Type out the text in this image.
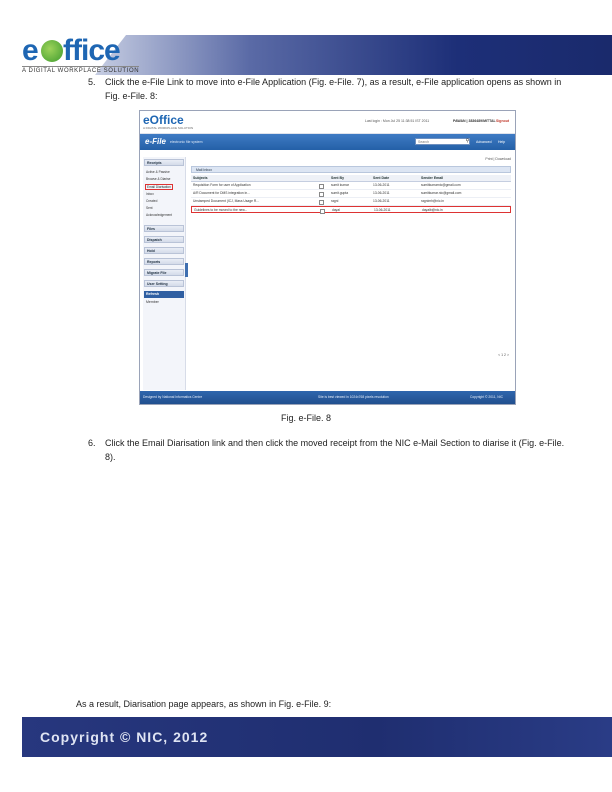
e ffice
A DIGITAL WORKPLACE SOLUTION
5. Click the e-File Link to move into e-File Application (Fig. e-File. 7), as a result, e-File application opens as shown in Fig. e-File. 8:
eOffice
A DIGITAL WORKPLACE SOLUTION
Last login : Mon Jul 25 11:38:51 IST 2011	PAWAN | 3836489/MITTAL Signout
e-File electronic file system	Search	⚲	Advanced Help
Receipts
Active & Passive
Browse & Diarise
Email Diarisation
Inbox
Created
Sent
Acknowledgement
Files
Dispatch
Hold
Reports
Migrate File
User Setting
Refresh
Member
Print | Download
Mail Inbox
Subjects	Sent By	Sent Date	Sender Email
Requisition Form for user of Application	sumit kumar	13-06-2011	sumitkumarnic@gmail.com
A/R Document for DMS integration in...	sumit.gupta	13-06-2011	sumitkumar.nic@gmail.com
Unstamped Document (ICJ, Mass Usage R...	ragni	13-06-2011	ragnimh@nic.in
Guidelines to be moved to the new...	dayal	13-06-2011	dayalb@nic.in
< 1 2 >
Designed by National Informatics Centre	Site is best viewed in 1024x768 pixels resolution	Copyright © 2011, NIC
Fig. e-File. 8
6. Click the Email Diarisation link and then click the moved receipt from the NIC e-Mail Section to diarise it (Fig. e-File. 8).
As a result, Diarisation page appears, as shown in Fig. e-File. 9:
Copyright © NIC, 2012
